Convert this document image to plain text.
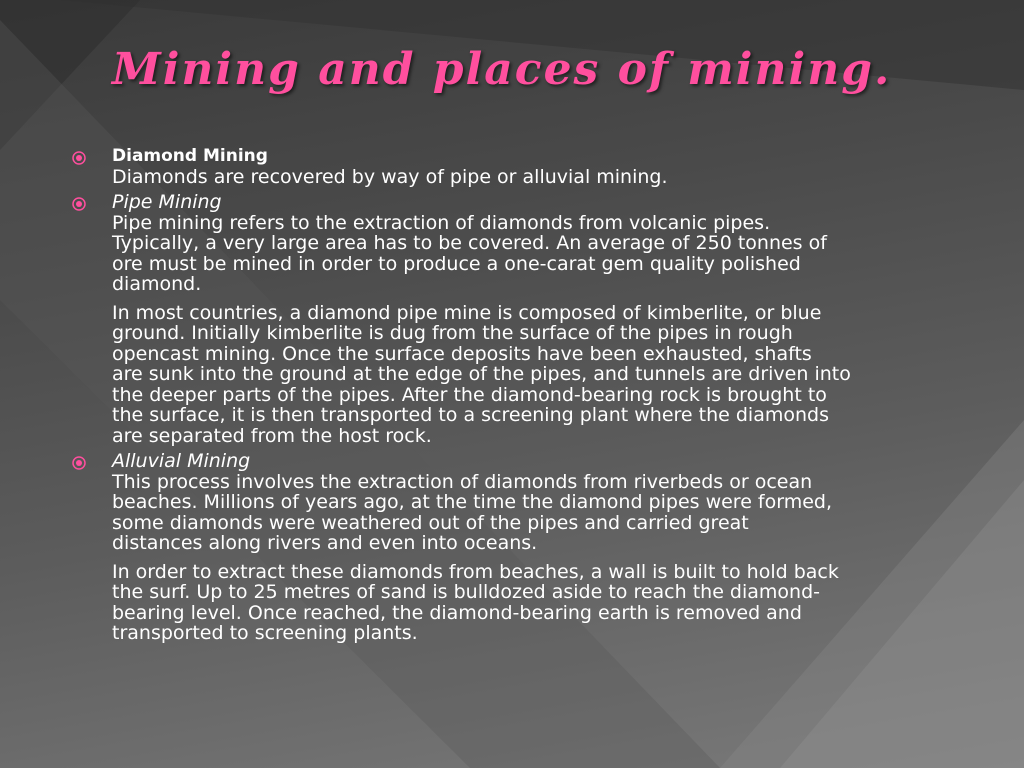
Mining and places of mining.
Diamond Mining
Diamonds are recovered by way of pipe or alluvial mining.
Pipe Mining
Pipe mining refers to the extraction of diamonds from volcanic pipes.
Typically, a very large area has to be covered. An average of 250 tonnes of
ore must be mined in order to produce a one-carat gem quality polished
diamond.
In most countries, a diamond pipe mine is composed of kimberlite, or blue
ground. Initially kimberlite is dug from the surface of the pipes in rough
opencast mining. Once the surface deposits have been exhausted, shafts
are sunk into the ground at the edge of the pipes, and tunnels are driven into
the deeper parts of the pipes. After the diamond-bearing rock is brought to
the surface, it is then transported to a screening plant where the diamonds
are separated from the host rock.
Alluvial Mining
This process involves the extraction of diamonds from riverbeds or ocean
beaches. Millions of years ago, at the time the diamond pipes were formed,
some diamonds were weathered out of the pipes and carried great
distances along rivers and even into oceans.
In order to extract these diamonds from beaches, a wall is built to hold back
the surf. Up to 25 metres of sand is bulldozed aside to reach the diamond-
bearing level. Once reached, the diamond-bearing earth is removed and
transported to screening plants.
